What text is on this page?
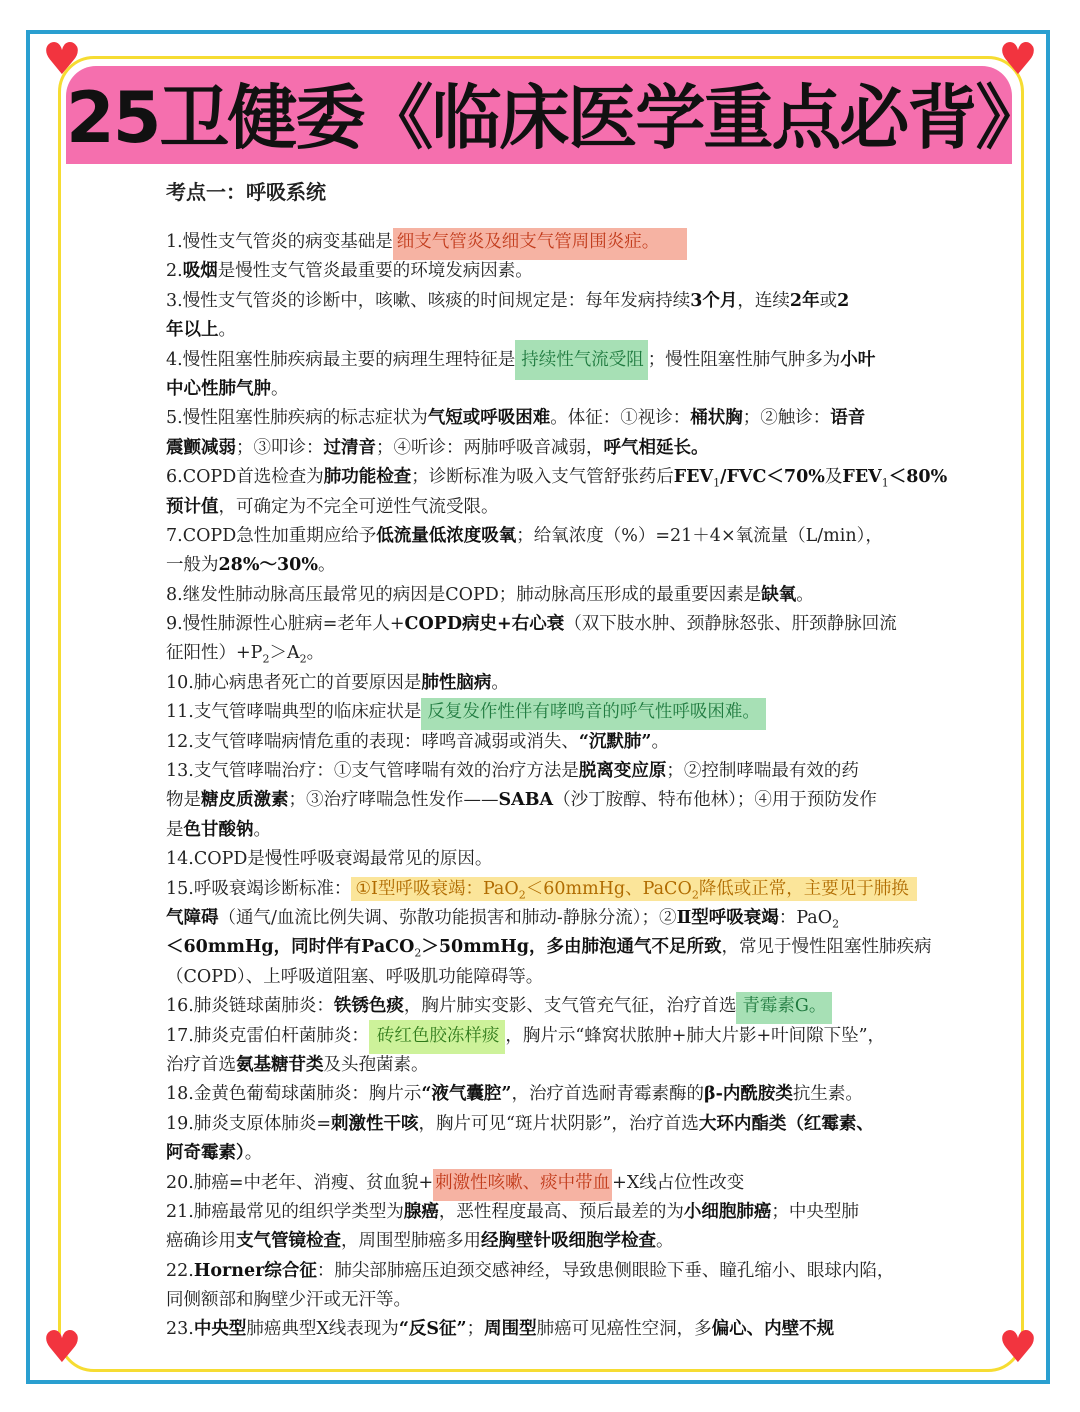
25卫健委《临床医学重点必背》
♥	♥
♥	♥
考点一：呼吸系统
1.慢性支气管炎的病变基础是 细支气管炎及细支气管周围炎症。
2.吸烟是慢性支气管炎最重要的环境发病因素。
3.慢性支气管炎的诊断中，咳嗽、咳痰的时间规定是：每年发病持续3个月，连续2年或2
年以上。
4.慢性阻塞性肺疾病最主要的病理生理特征是 持续性气流受阻 ；慢性阻塞性肺气肿多为小叶
中心性肺气肿。
5.慢性阻塞性肺疾病的标志症状为气短或呼吸困难。体征：①视诊：桶状胸；②触诊：语音
震颤减弱；③叩诊：过清音；④听诊：两肺呼吸音减弱，呼气相延长。
6.COPD首选检查为肺功能检查；诊断标准为吸入支气管舒张药后$FEV_1/FVC<70\%$及$FEV_1<80\%$
预计值，可确定为不完全可逆性气流受限。
7.COPD急性加重期应给予低流量低浓度吸氧；给氧浓度（%）=21＋4×氧流量（L/min），
一般为28%～30%。
8.继发性肺动脉高压最常见的病因是COPD；肺动脉高压形成的最重要因素是缺氧。
9.慢性肺源性心脏病=老年人+COPD病史+右心衰（双下肢水肿、颈静脉怒张、肝颈静脉回流
征阳性）$+P_2>A_2$。
10.肺心病患者死亡的首要原因是肺性脑病。
11.支气管哮喘典型的临床症状是 反复发作性伴有哮鸣音的呼气性呼吸困难。
12.支气管哮喘病情危重的表现：哮鸣音减弱或消失、“沉默肺”。
13.支气管哮喘治疗：①支气管哮喘有效的治疗方法是脱离变应原；②控制哮喘最有效的药
物是糖皮质激素；③治疗哮喘急性发作——SABA（沙丁胺醇、特布他林）；④用于预防发作
是色甘酸钠。
14.COPD是慢性呼吸衰竭最常见的原因。
15.呼吸衰竭诊断标准： ①Ⅰ型呼吸衰竭：PaO$_2$＜60mmHg、PaCO$_2$降低或正常，主要见于肺换
气障碍（通气/血流比例失调、弥散功能损害和肺动-静脉分流）；②Ⅱ型呼吸衰竭：PaO$_2$
＜60mmHg，同时伴有PaCO$_2$＞50mmHg，多由肺泡通气不足所致，常见于慢性阻塞性肺疾病
（COPD）、上呼吸道阻塞、呼吸肌功能障碍等。
16.肺炎链球菌肺炎：铁锈色痰，胸片肺实变影、支气管充气征，治疗首选 青霉素G。
17.肺炎克雷伯杆菌肺炎： 砖红色胶冻样痰 ，胸片示“蜂窝状脓肿+肺大片影+叶间隙下坠”，
治疗首选氨基糖苷类及头孢菌素。
18.金黄色葡萄球菌肺炎：胸片示“液气囊腔”，治疗首选耐青霉素酶的β-内酰胺类抗生素。
19.肺炎支原体肺炎=刺激性干咳，胸片可见“斑片状阴影”，治疗首选大环内酯类（红霉素、
阿奇霉素）。
20.肺癌=中老年、消瘦、贫血貌+ 刺激性咳嗽、痰中带血 +X线占位性改变
21.肺癌最常见的组织学类型为腺癌，恶性程度最高、预后最差的为小细胞肺癌；中央型肺
癌确诊用支气管镜检查，周围型肺癌多用经胸壁针吸细胞学检查。
22.Horner综合征：肺尖部肺癌压迫颈交感神经，导致患侧眼睑下垂、瞳孔缩小、眼球内陷，
同侧额部和胸壁少汗或无汗等。
23.中央型肺癌典型X线表现为“反S征”；周围型肺癌可见癌性空洞，多偏心、内壁不规
